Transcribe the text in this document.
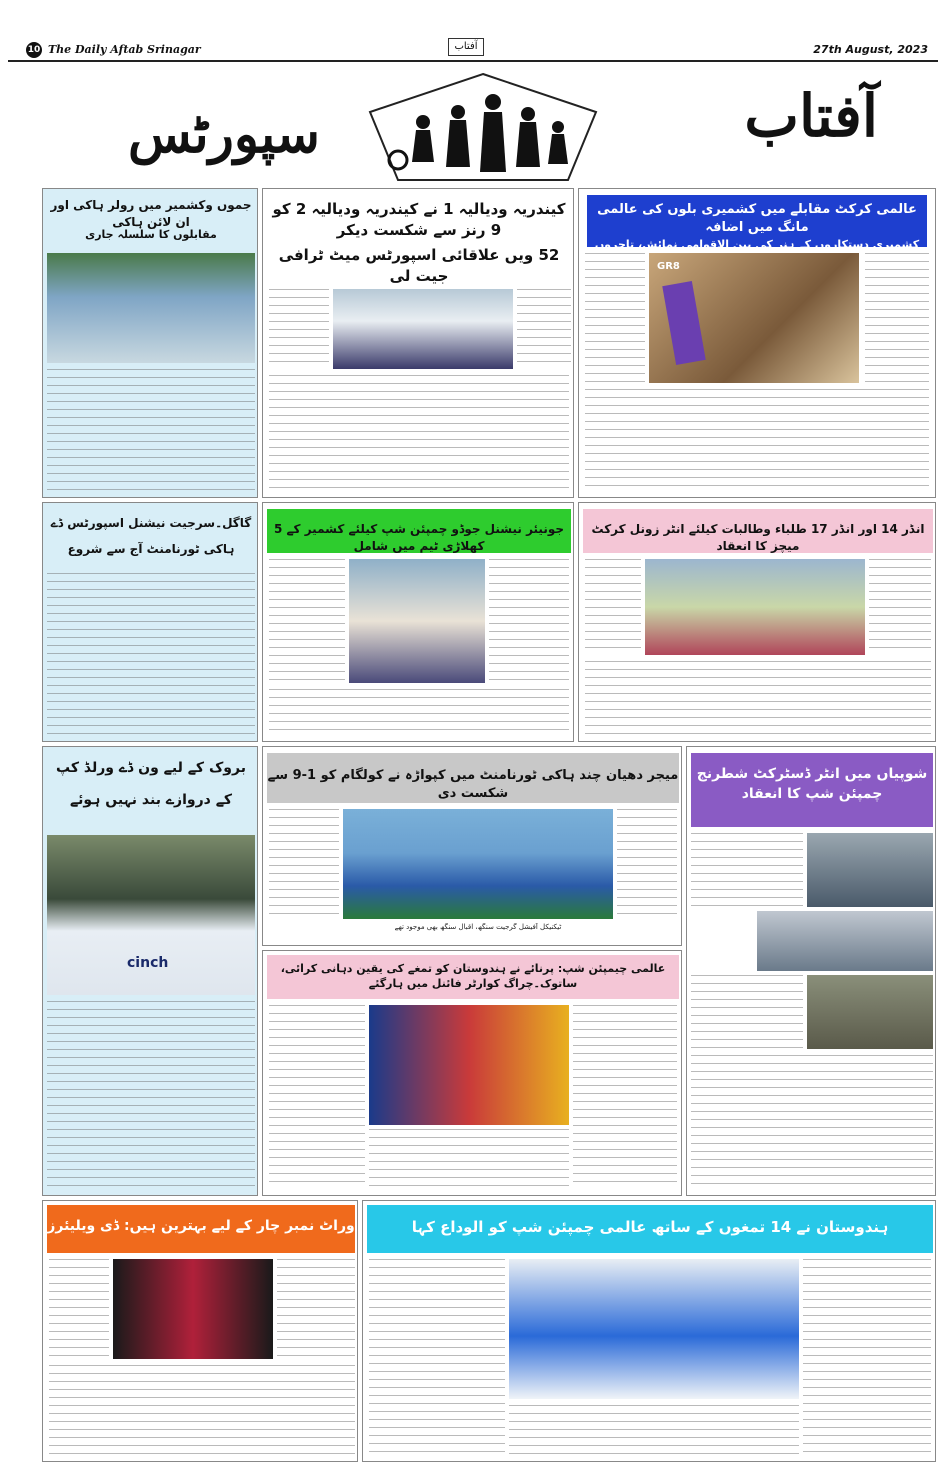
10 The Daily Aftab Srinagar	آفتاب	27th August, 2023
آفتاب
سپورٹس
عالمی کرکٹ مقابلے میں کشمیری بلوں کی عالمی مانگ میں اضافہ
کشمیری دستکاروں کے ہنر کی بین الاقوامی نمائش، تاجروں
GR8
کیندریہ ودیالیہ 1 نے کیندریہ ودیالیہ 2 کو 9 رنز سے شکست دیکر
52 ویں علاقائی اسپورٹس میٹ ٹرافی جیت لی
جموں وکشمیر میں رولر ہاکی اور ان لائن ہاکی
مقابلوں کا سلسلہ جاری
گاگل۔سرجیت نیشنل اسپورٹس ڈے
ہاکی ٹورنامنٹ آج سے شروع
جونیئر نیشنل جوڈو چمپئن شپ کیلئے کشمیر کے 5 کھلاڑی ٹیم میں شامل
انڈر 14 اور انڈر 17 طلباء وطالبات کیلئے انٹر زونل کرکٹ میچز کا انعقاد
بروک کے لیے ون ڈے ورلڈ کپ
کے دروازے بند نہیں ہوئے
cinch
میجر دھیان چند ہاکی ٹورنامنٹ میں کپواڑہ نے کولگام کو 1-9 سے شکست دی
ٹیکنیکل آفیشل گرجیت سنگھ، اقبال سنگھ بھی موجود تھے
شوپیاں میں انٹر ڈسٹرکٹ شطرنج
چمپئن شپ کا انعقاد
عالمی چیمپئن شپ: پرنائے نے ہندوستان کو تمغے کی یقین دہانی کرائی، ساتوک۔چراگ کوارٹر فائنل میں ہارگئے
وراٹ نمبر چار کے لیے بہترین ہیں: ڈی ویلیئرز	ہندوستان نے 14 تمغوں کے ساتھ عالمی چمپئن شپ کو الوداع کہا
